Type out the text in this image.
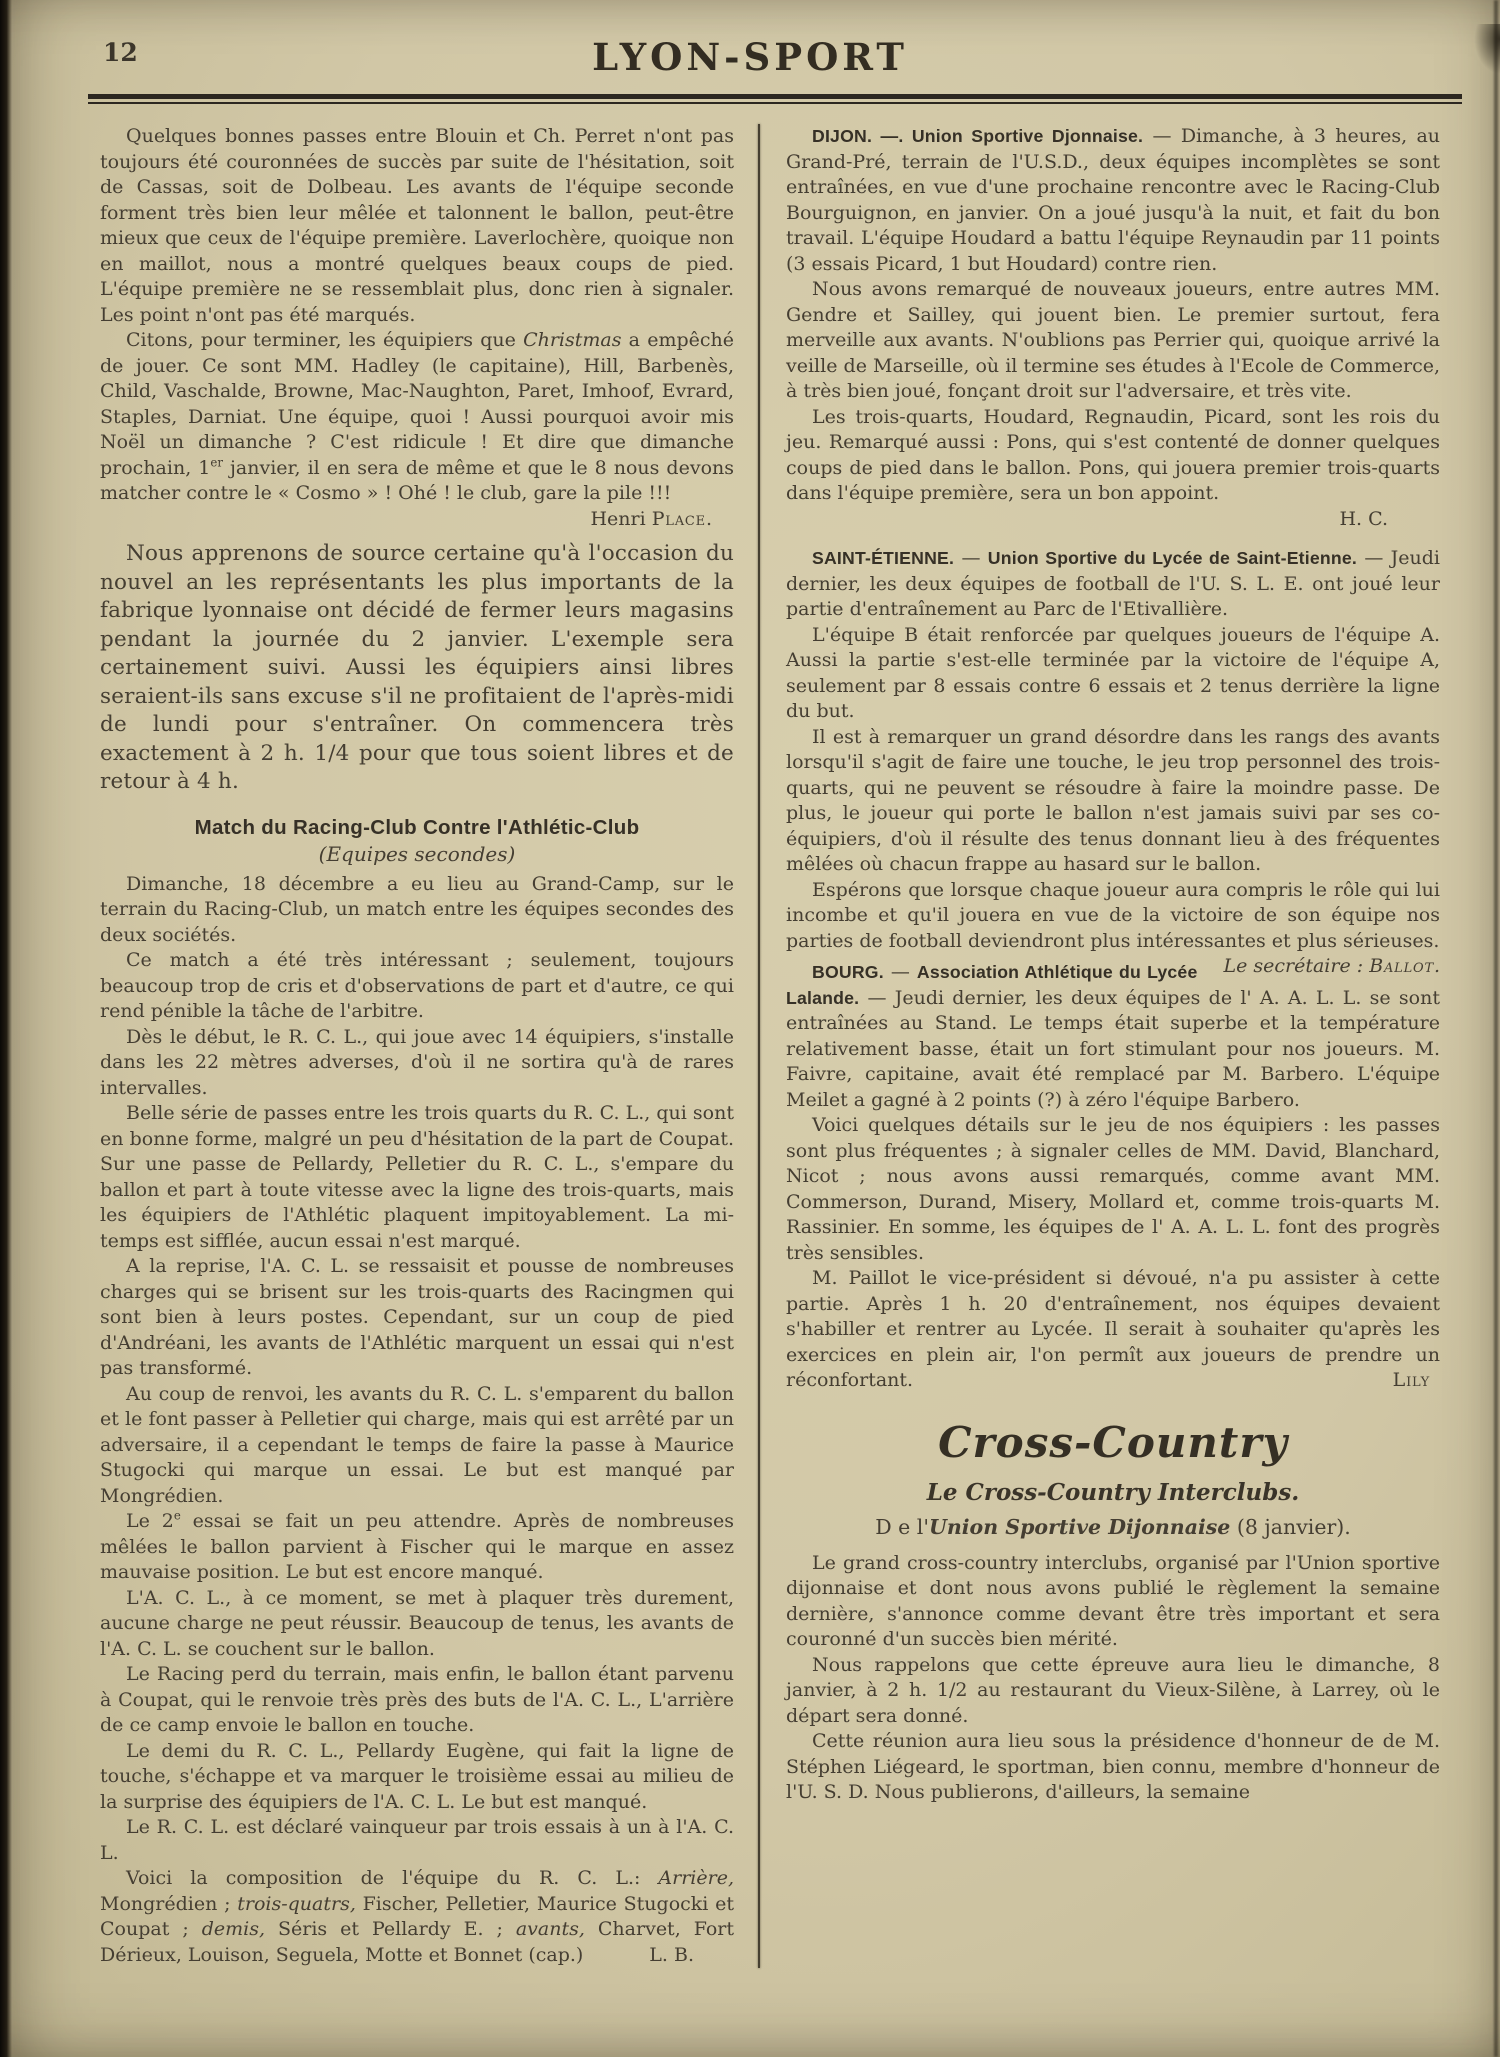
12	LYON-SPORT
Quelques bonnes passes entre Blouin et Ch. Perret n'ont pas toujours été couronnées de succès par suite de l'hésitation, soit de Cassas, soit de Dolbeau. Les avants de l'équipe seconde forment très bien leur mêlée et talonnent le ballon, peut-être mieux que ceux de l'équipe première. Laverlochère, quoique non en maillot, nous a montré quelques beaux coups de pied. L'équipe première ne se ressemblait plus, donc rien à signaler. Les point n'ont pas été marqués.
Citons, pour terminer, les équipiers que Christmas a empêché de jouer. Ce sont MM. Hadley (le capitaine), Hill, Barbenès, Child, Vaschalde, Browne, Mac-Naughton, Paret, Imhoof, Evrard, Staples, Darniat. Une équipe, quoi ! Aussi pourquoi avoir mis Noël un dimanche ? C'est ridicule ! Et dire que dimanche prochain, 1er janvier, il en sera de même et que le 8 nous devons matcher contre le « Cosmo » ! Ohé ! le club, gare la pile !!!
Henri Place.
Nous apprenons de source certaine qu'à l'occasion du nouvel an les représentants les plus importants de la fabrique lyonnaise ont décidé de fermer leurs magasins pendant la journée du 2 janvier. L'exemple sera certainement suivi. Aussi les équipiers ainsi libres seraient-ils sans excuse s'il ne profitaient de l'après-midi de lundi pour s'entraîner. On commencera très exactement à 2 h. 1/4 pour que tous soient libres et de retour à 4 h.
Match du Racing-Club Contre l'Athlétic-Club
(Equipes secondes)
Dimanche, 18 décembre a eu lieu au Grand-Camp, sur le terrain du Racing-Club, un match entre les équipes secondes des deux sociétés.
Ce match a été très intéressant ; seulement, toujours beaucoup trop de cris et d'observations de part et d'autre, ce qui rend pénible la tâche de l'arbitre.
Dès le début, le R. C. L., qui joue avec 14 équipiers, s'installe dans les 22 mètres adverses, d'où il ne sortira qu'à de rares intervalles.
Belle série de passes entre les trois quarts du R. C. L., qui sont en bonne forme, malgré un peu d'hésitation de la part de Coupat. Sur une passe de Pellardy, Pelletier du R. C. L., s'empare du ballon et part à toute vitesse avec la ligne des trois-quarts, mais les équipiers de l'Athlétic plaquent impitoyablement. La mi-temps est sifflée, aucun essai n'est marqué.
A la reprise, l'A. C. L. se ressaisit et pousse de nombreuses charges qui se brisent sur les trois-quarts des Racingmen qui sont bien à leurs postes. Cependant, sur un coup de pied d'Andréani, les avants de l'Athlétic marquent un essai qui n'est pas transformé.
Au coup de renvoi, les avants du R. C. L. s'emparent du ballon et le font passer à Pelletier qui charge, mais qui est arrêté par un adversaire, il a cependant le temps de faire la passe à Maurice Stugocki qui marque un essai. Le but est manqué par Mongrédien.
Le 2e essai se fait un peu attendre. Après de nombreuses mêlées le ballon parvient à Fischer qui le marque en assez mauvaise position. Le but est encore manqué.
L'A. C. L., à ce moment, se met à plaquer très durement, aucune charge ne peut réussir. Beaucoup de tenus, les avants de l'A. C. L. se couchent sur le ballon.
Le Racing perd du terrain, mais enfin, le ballon étant parvenu à Coupat, qui le renvoie très près des buts de l'A. C. L., L'arrière de ce camp envoie le ballon en touche.
Le demi du R. C. L., Pellardy Eugène, qui fait la ligne de touche, s'échappe et va marquer le troisième essai au milieu de la surprise des équipiers de l'A. C. L. Le but est manqué.
Le R. C. L. est déclaré vainqueur par trois essais à un à l'A. C. L.
Voici la composition de l'équipe du R. C. L.: Arrière, Mongrédien ; trois-quatrs, Fischer, Pelletier, Maurice Stugocki et Coupat ; demis, Séris et Pellardy E. ; avants, Charvet, Fort Dérieux, Louison, Seguela, Motte et Bonnet (cap.)	L. B.
DIJON. —. Union Sportive Djonnaise. — Dimanche, à 3 heures, au Grand-Pré, terrain de l'U.S.D., deux équipes incomplètes se sont entraînées, en vue d'une prochaine rencontre avec le Racing-Club Bourguignon, en janvier. On a joué jusqu'à la nuit, et fait du bon travail. L'équipe Houdard a battu l'équipe Reynaudin par 11 points (3 essais Picard, 1 but Houdard) contre rien.
Nous avons remarqué de nouveaux joueurs, entre autres MM. Gendre et Sailley, qui jouent bien. Le premier surtout, fera merveille aux avants. N'oublions pas Perrier qui, quoique arrivé la veille de Marseille, où il termine ses études à l'Ecole de Commerce, à très bien joué, fonçant droit sur l'adversaire, et très vite.
Les trois-quarts, Houdard, Regnaudin, Picard, sont les rois du jeu. Remarqué aussi : Pons, qui s'est contenté de donner quelques coups de pied dans le ballon. Pons, qui jouera premier trois-quarts dans l'équipe première, sera un bon appoint.
H. C.
SAINT-ÉTIENNE. — Union Sportive du Lycée de Saint-Etienne. — Jeudi dernier, les deux équipes de football de l'U. S. L. E. ont joué leur partie d'entraînement au Parc de l'Etivallière.
L'équipe B était renforcée par quelques joueurs de l'équipe A. Aussi la partie s'est-elle terminée par la victoire de l'équipe A, seulement par 8 essais contre 6 essais et 2 tenus derrière la ligne du but.
Il est à remarquer un grand désordre dans les rangs des avants lorsqu'il s'agit de faire une touche, le jeu trop personnel des trois-quarts, qui ne peuvent se résoudre à faire la moindre passe. De plus, le joueur qui porte le ballon n'est jamais suivi par ses co-équipiers, d'où il résulte des tenus donnant lieu à des fréquentes mêlées où chacun frappe au hasard sur le ballon.
Espérons que lorsque chaque joueur aura compris le rôle qui lui incombe et qu'il jouera en vue de la victoire de son équipe nos parties de football deviendront plus intéressantes et plus sérieuses.
Le secrétaire : Ballot.
BOURG. — Association Athlétique du Lycée Lalande. — Jeudi dernier, les deux équipes de l' A. A. L. L. se sont entraînées au Stand. Le temps était superbe et la température relativement basse, était un fort stimulant pour nos joueurs. M. Faivre, capitaine, avait été remplacé par M. Barbero. L'équipe Meilet a gagné à 2 points (?) à zéro l'équipe Barbero.
Voici quelques détails sur le jeu de nos équipiers : les passes sont plus fréquentes ; à signaler celles de MM. David, Blanchard, Nicot ; nous avons aussi remarqués, comme avant MM. Commerson, Durand, Misery, Mollard et, comme trois-quarts M. Rassinier. En somme, les équipes de l' A. A. L. L. font des progrès très sensibles.
M. Paillot le vice-président si dévoué, n'a pu assister à cette partie. Après 1 h. 20 d'entraînement, nos équipes devaient s'habiller et rentrer au Lycée. Il serait à souhaiter qu'après les exercices en plein air, l'on permît aux joueurs de prendre un réconfortant.	Lily
Cross-Country
Le Cross-Country Interclubs.
D e l'Union Sportive Dijonnaise (8 janvier).
Le grand cross-country interclubs, organisé par l'Union sportive dijonnaise et dont nous avons publié le règlement la semaine dernière, s'annonce comme devant être très important et sera couronné d'un succès bien mérité.
Nous rappelons que cette épreuve aura lieu le dimanche, 8 janvier, à 2 h. 1/2 au restaurant du Vieux-Silène, à Larrey, où le départ sera donné.
Cette réunion aura lieu sous la présidence d'honneur de de M. Stéphen Liégeard, le sportman, bien connu, membre d'honneur de l'U. S. D. Nous publierons, d'ailleurs, la semaine
